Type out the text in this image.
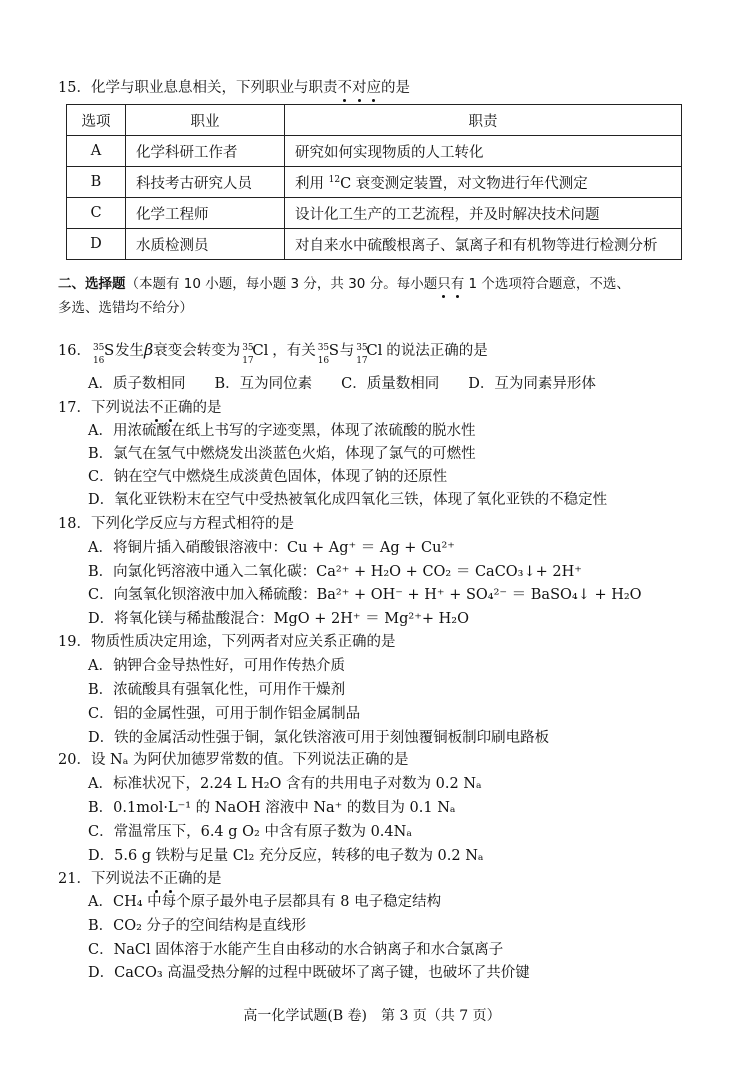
15．化学与职业息息相关，下列职业与职责不对应的是
选项	职业	职责
A	化学科研工作者	研究如何实现物质的人工转化
B	科技考古研究人员	利用 $^{12}$C 衰变测定装置，对文物进行年代测定
C	化学工程师	设计化工生产的工艺流程，并及时解决技术问题
D	水质检测员	对自来水中硫酸根离子、氯离子和有机物等进行检测分析
二、选择题（本题有 10 小题，每小题 3 分，共 30 分。每小题只有 1 个选项符合题意，不选、
多选、选错均不给分）
16． 35
16
S 发生β衰变会转变为 35
17
Cl ，有关 35
16
S 与 35
17
Cl 的说法正确的是
A．质子数相同　　B．互为同位素　　C．质量数相同　　D．互为同素异形体
17．下列说法不正确的是
A．用浓硫酸在纸上书写的字迹变黑，体现了浓硫酸的脱水性
B．氯气在氢气中燃烧发出淡蓝色火焰，体现了氯气的可燃性
C．钠在空气中燃烧生成淡黄色固体，体现了钠的还原性
D．氧化亚铁粉末在空气中受热被氧化成四氧化三铁，体现了氧化亚铁的不稳定性
18．下列化学反应与方程式相符的是
A．将铜片插入硝酸银溶液中：Cu + Ag⁺ ＝ Ag + Cu²⁺
B．向氯化钙溶液中通入二氧化碳：Ca²⁺ + H₂O + CO₂ ＝ CaCO₃↓+ 2H⁺
C．向氢氧化钡溶液中加入稀硫酸：Ba²⁺ + OH⁻ + H⁺ + SO₄²⁻ ＝ BaSO₄↓ + H₂O
D．将氧化镁与稀盐酸混合：MgO + 2H⁺ ＝ Mg²⁺+ H₂O
19．物质性质决定用途，下列两者对应关系正确的是
A．钠钾合金导热性好，可用作传热介质
B．浓硫酸具有强氧化性，可用作干燥剂
C．铝的金属性强，可用于制作铝金属制品
D．铁的金属活动性强于铜，氯化铁溶液可用于刻蚀覆铜板制印刷电路板
20．设 Nₐ 为阿伏加德罗常数的值。下列说法正确的是
A．标准状况下，2.24 L H₂O 含有的共用电子对数为 0.2 Nₐ
B．0.1mol·L⁻¹ 的 NaOH 溶液中 Na⁺ 的数目为 0.1 Nₐ
C．常温常压下，6.4 g O₂ 中含有原子数为 0.4Nₐ
D．5.6 g 铁粉与足量 Cl₂ 充分反应，转移的电子数为 0.2 Nₐ
21．下列说法不正确的是
A．CH₄ 中每个原子最外电子层都具有 8 电子稳定结构
B．CO₂ 分子的空间结构是直线形
C．NaCl 固体溶于水能产生自由移动的水合钠离子和水合氯离子
D．CaCO₃ 高温受热分解的过程中既破坏了离子键，也破坏了共价键
高一化学试题(B 卷)　第 3 页（共 7 页）
